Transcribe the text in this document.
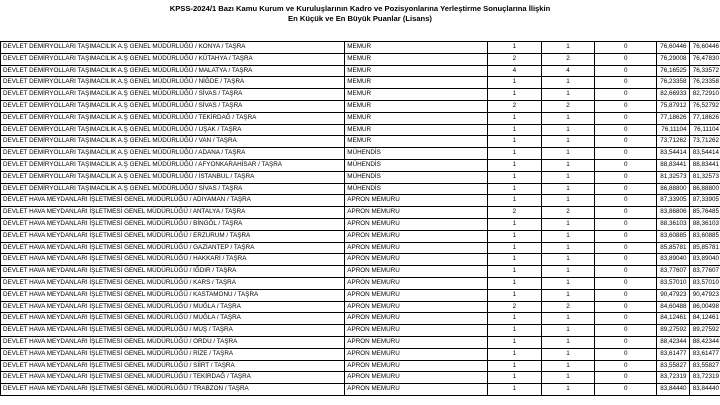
KPSS-2024/1 Bazı Kamu Kurum ve Kuruluşlarının Kadro ve Pozisyonlarına Yerleştirme Sonuçlarına İlişkin
En Küçük ve En Büyük Puanlar (Lisans)
DEVLET DEMİRYOLLARI TAŞIMACILIK A.Ş GENEL MÜDÜRLÜĞÜ / KONYA / TAŞRA	MEMUR	1	1	0	76,60446	76,60446
DEVLET DEMİRYOLLARI TAŞIMACILIK A.Ş GENEL MÜDÜRLÜĞÜ / KÜTAHYA / TAŞRA	MEMUR	2	2	0	76,29008	76,47830
DEVLET DEMİRYOLLARI TAŞIMACILIK A.Ş GENEL MÜDÜRLÜĞÜ / MALATYA / TAŞRA	MEMUR	4	4	0	76,16525	76,33572
DEVLET DEMİRYOLLARI TAŞIMACILIK A.Ş GENEL MÜDÜRLÜĞÜ / NİĞDE / TAŞRA	MEMUR	1	1	0	76,23358	76,23358
DEVLET DEMİRYOLLARI TAŞIMACILIK A.Ş GENEL MÜDÜRLÜĞÜ / SİVAS / TAŞRA	MEMUR	1	1	0	82,66933	82,72910
DEVLET DEMİRYOLLARI TAŞIMACILIK A.Ş GENEL MÜDÜRLÜĞÜ / SİVAS / TAŞRA	MEMUR	2	2	0	75,87912	76,52792
DEVLET DEMİRYOLLARI TAŞIMACILIK A.Ş GENEL MÜDÜRLÜĞÜ / TEKİRDAĞ / TAŞRA	MEMUR	1	1	0	77,18626	77,18626
DEVLET DEMİRYOLLARI TAŞIMACILIK A.Ş GENEL MÜDÜRLÜĞÜ / UŞAK / TAŞRA	MEMUR	1	1	0	76,11104	76,11104
DEVLET DEMİRYOLLARI TAŞIMACILIK A.Ş GENEL MÜDÜRLÜĞÜ / VAN / TAŞRA	MEMUR	1	1	0	73,71262	73,71262
DEVLET DEMİRYOLLARI TAŞIMACILIK A.Ş GENEL MÜDÜRLÜĞÜ / ADANA / TAŞRA	MÜHENDİS	1	1	0	83,54414	83,54414
DEVLET DEMİRYOLLARI TAŞIMACILIK A.Ş GENEL MÜDÜRLÜĞÜ / AFYONKARAHİSAR / TAŞRA	MÜHENDİS	1	1	0	88,83441	88,83441
DEVLET DEMİRYOLLARI TAŞIMACILIK A.Ş GENEL MÜDÜRLÜĞÜ / İSTANBUL / TAŞRA	MÜHENDİS	1	1	0	81,32573	81,32573
DEVLET DEMİRYOLLARI TAŞIMACILIK A.Ş GENEL MÜDÜRLÜĞÜ / SİVAS / TAŞRA	MÜHENDİS	1	1	0	86,88800	86,88800
DEVLET HAVA MEYDANLARI İŞLETMESİ GENEL MÜDÜRLÜĞÜ / ADIYAMAN / TAŞRA	APRON MEMURU	1	1	0	87,33905	87,33905
DEVLET HAVA MEYDANLARI İŞLETMESİ GENEL MÜDÜRLÜĞÜ / ANTALYA / TAŞRA	APRON MEMURU	2	2	0	83,86806	85,76485
DEVLET HAVA MEYDANLARI İŞLETMESİ GENEL MÜDÜRLÜĞÜ / BİNGÖL / TAŞRA	APRON MEMURU	1	1	0	88,36103	88,36103
DEVLET HAVA MEYDANLARI İŞLETMESİ GENEL MÜDÜRLÜĞÜ / ERZURUM / TAŞRA	APRON MEMURU	1	1	0	83,60885	83,60885
DEVLET HAVA MEYDANLARI İŞLETMESİ GENEL MÜDÜRLÜĞÜ / GAZİANTEP / TAŞRA	APRON MEMURU	1	1	0	85,85781	85,85781
DEVLET HAVA MEYDANLARI İŞLETMESİ GENEL MÜDÜRLÜĞÜ / HAKKARİ / TAŞRA	APRON MEMURU	1	1	0	83,89040	83,89040
DEVLET HAVA MEYDANLARI İŞLETMESİ GENEL MÜDÜRLÜĞÜ / IĞDIR / TAŞRA	APRON MEMURU	1	1	0	83,77607	83,77607
DEVLET HAVA MEYDANLARI İŞLETMESİ GENEL MÜDÜRLÜĞÜ / KARS / TAŞRA	APRON MEMURU	1	1	0	83,57010	83,57010
DEVLET HAVA MEYDANLARI İŞLETMESİ GENEL MÜDÜRLÜĞÜ / KASTAMONU / TAŞRA	APRON MEMURU	1	1	0	90,47923	90,47923
DEVLET HAVA MEYDANLARI İŞLETMESİ GENEL MÜDÜRLÜĞÜ / MUĞLA / TAŞRA	APRON MEMURU	2	2	0	84,60488	86,00498
DEVLET HAVA MEYDANLARI İŞLETMESİ GENEL MÜDÜRLÜĞÜ / MUĞLA / TAŞRA	APRON MEMURU	1	1	0	84,12461	84,12461
DEVLET HAVA MEYDANLARI İŞLETMESİ GENEL MÜDÜRLÜĞÜ / MUŞ / TAŞRA	APRON MEMURU	1	1	0	89,27592	89,27592
DEVLET HAVA MEYDANLARI İŞLETMESİ GENEL MÜDÜRLÜĞÜ / ORDU / TAŞRA	APRON MEMURU	1	1	0	88,42344	88,42344
DEVLET HAVA MEYDANLARI İŞLETMESİ GENEL MÜDÜRLÜĞÜ / RİZE / TAŞRA	APRON MEMURU	1	1	0	83,61477	83,61477
DEVLET HAVA MEYDANLARI İŞLETMESİ GENEL MÜDÜRLÜĞÜ / SİİRT / TAŞRA	APRON MEMURU	1	1	0	83,55827	83,55827
DEVLET HAVA MEYDANLARI İŞLETMESİ GENEL MÜDÜRLÜĞÜ / TEKİRDAĞ / TAŞRA	APRON MEMURU	1	1	0	83,72319	83,72319
DEVLET HAVA MEYDANLARI İŞLETMESİ GENEL MÜDÜRLÜĞÜ / TRABZON / TAŞRA	APRON MEMURU	1	1	0	83,84440	83,84440
